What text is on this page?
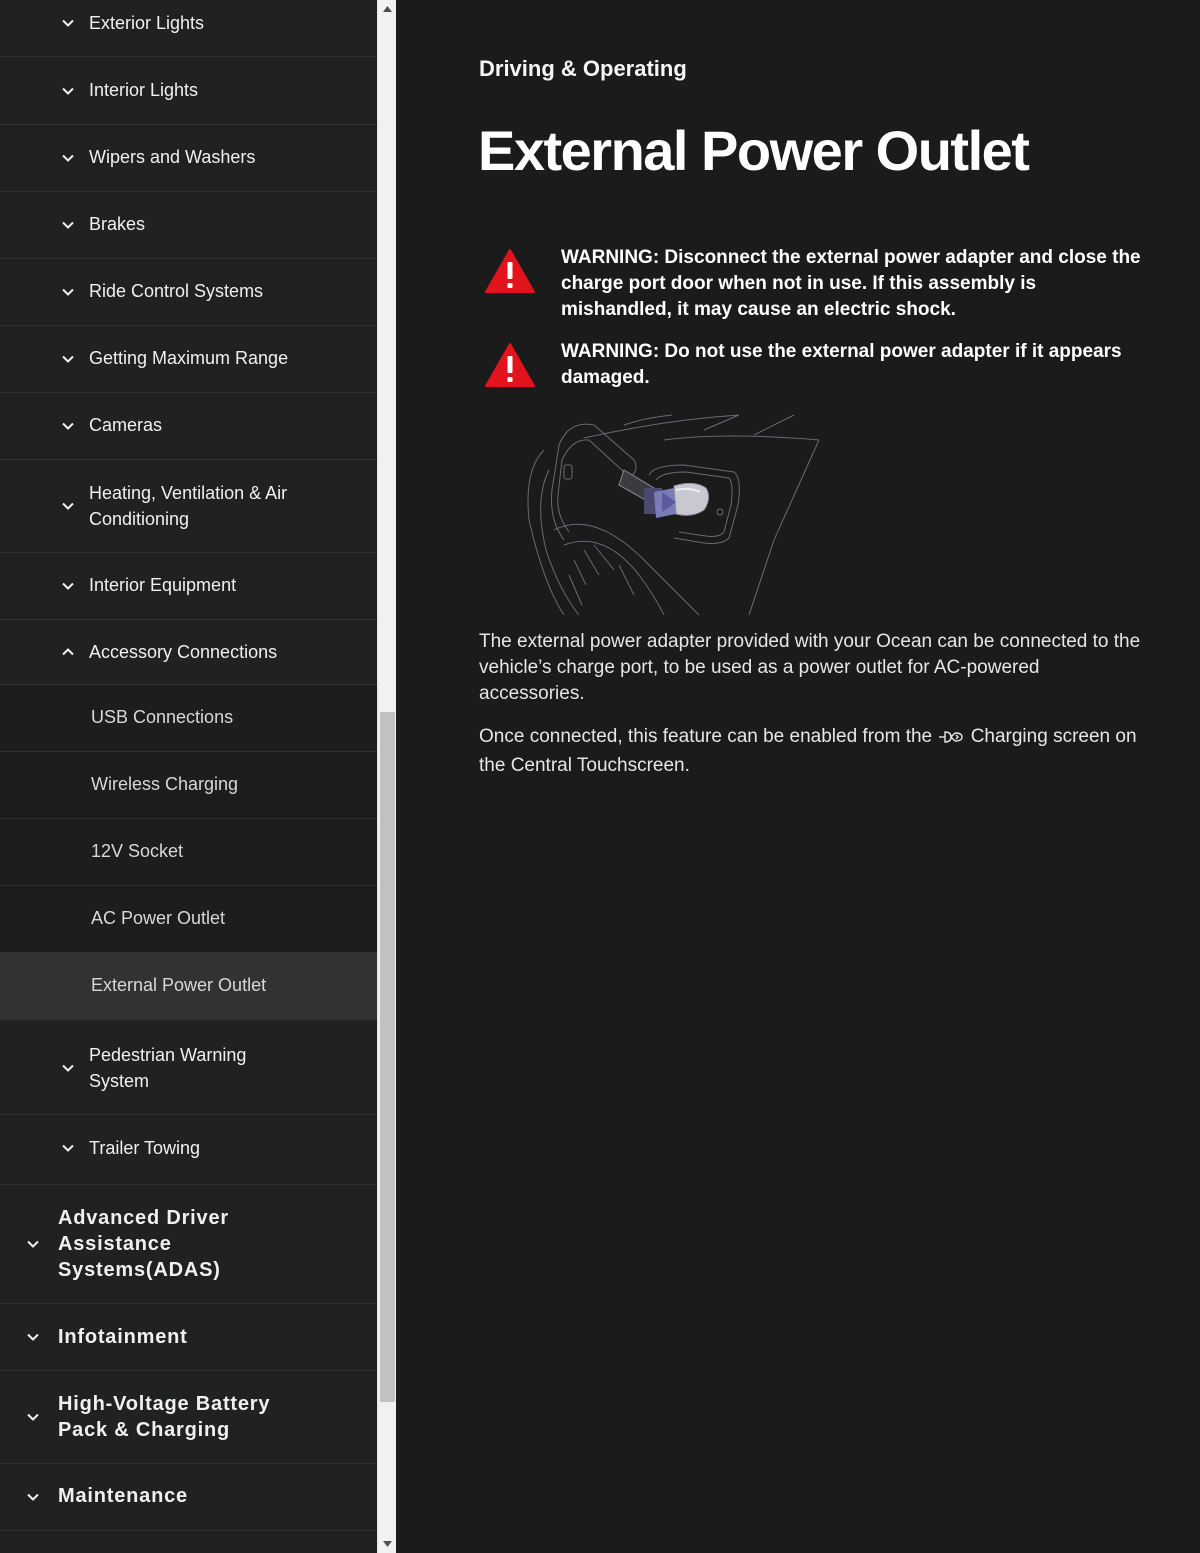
Exterior Lights
Interior Lights
Wipers and Washers
Brakes
Ride Control Systems
Getting Maximum Range
Cameras
Heating, Ventilation & Air Conditioning
Interior Equipment
Accessory Connections
USB Connections
Wireless Charging
12V Socket
AC Power Outlet
External Power Outlet
Pedestrian Warning System
Trailer Towing
Advanced Driver Assistance Systems(ADAS)
Infotainment
High-Voltage Battery Pack & Charging
Maintenance
Driving & Operating
External Power Outlet
WARNING: Disconnect the external power adapter and close the charge port door when not in use. If this assembly is mishandled, it may cause an electric shock.
WARNING: Do not use the external power adapter if it appears damaged.

The external power adapter provided with your Ocean can be connected to the vehicle’s charge port, to be used as a power outlet for AC-powered accessories.

Once connected, this feature can be enabled from the Charging screen on the Central Touchscreen.
